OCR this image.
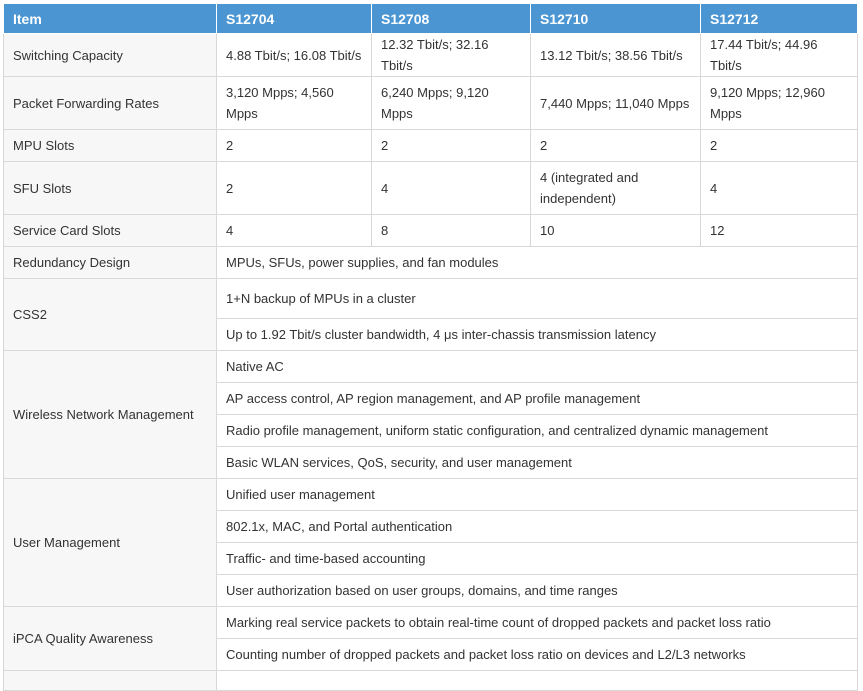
Item	S12704	S12708	S12710	S12712
Switching Capacity	4.88 Tbit/s; 16.08 Tbit/s	12.32 Tbit/s; 32.16 Tbit/s	13.12 Tbit/s; 38.56 Tbit/s	17.44 Tbit/s; 44.96 Tbit/s
Packet Forwarding Rates	3,120 Mpps; 4,560 Mpps	6,240 Mpps; 9,120 Mpps	7,440 Mpps; 11,040 Mpps	9,120 Mpps; 12,960 Mpps
MPU Slots	2	2	2	2
SFU Slots	2	4	4 (integrated and independent)	4
Service Card Slots	4	8	10	12
Redundancy Design	MPUs, SFUs, power supplies, and fan modules			
CSS2	1+N backup of MPUs in a cluster			
	Up to 1.92 Tbit/s cluster bandwidth, 4 μs inter-chassis transmission latency			
Wireless Network Management	Native AC			
	AP access control, AP region management, and AP profile management			
	Radio profile management, uniform static configuration, and centralized dynamic management			
	Basic WLAN services, QoS, security, and user management			
User Management	Unified user management			
	802.1x, MAC, and Portal authentication			
	Traffic- and time-based accounting			
	User authorization based on user groups, domains, and time ranges			
iPCA Quality Awareness	Marking real service packets to obtain real-time count of dropped packets and packet loss ratio			
	Counting number of dropped packets and packet loss ratio on devices and L2/L3 networks			
